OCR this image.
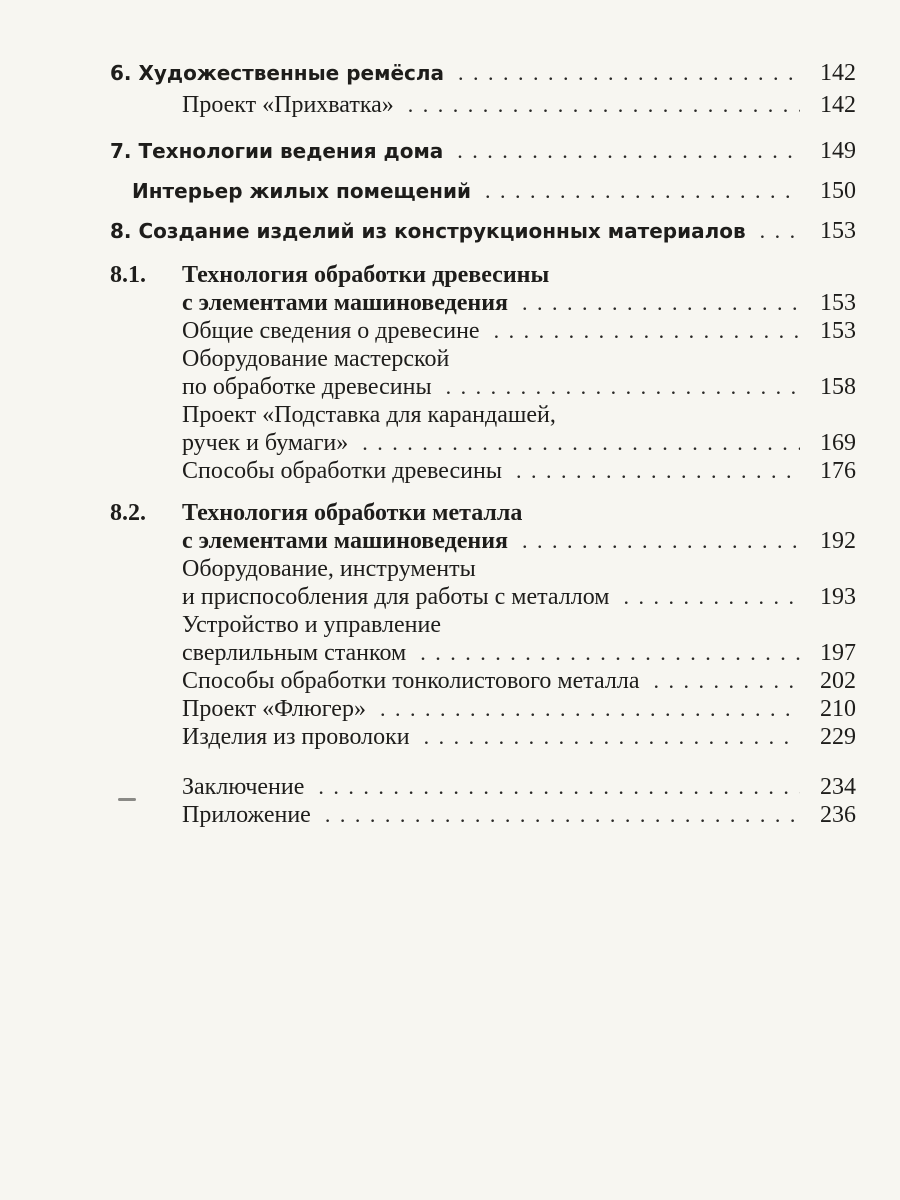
6. Художественные ремёсла . . .	142
Проект «Прихватка» . . .	142
7. Технологии ведения дома . . .	149
Интерьер жилых помещений . . .	150
8. Создание изделий из конструкционных материалов . . .	153
8.1. Технология обработки древесины
с элементами машиноведения . . .	153
Общие сведения о древесине . . .	153
Оборудование мастерской
по обработке древесины . . .	158
Проект «Подставка для карандашей,
ручек и бумаги» . . .	169
Способы обработки древесины . . .	176
8.2. Технология обработки металла
с элементами машиноведения . . .	192
Оборудование, инструменты
и приспособления для работы с металлом . . .	193
Устройство и управление
сверлильным станком . . .	197
Способы обработки тонколистового металла . . .	202
Проект «Флюгер» . . .	210
Изделия из проволоки . . .	229
Заключение . . .	234
Приложение . . .	236
